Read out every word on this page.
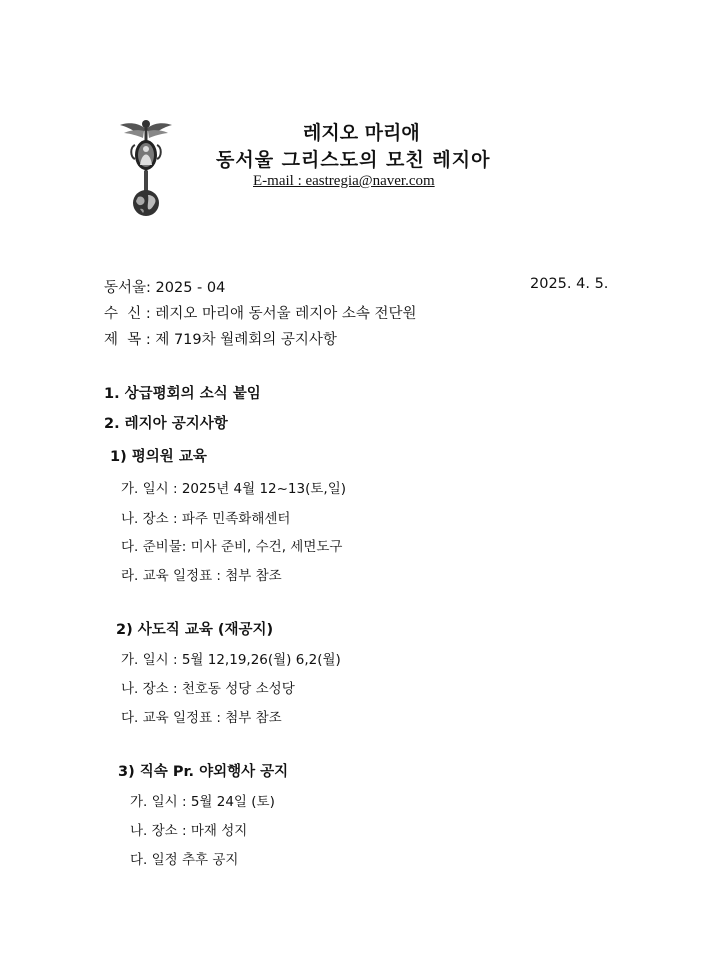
레지오 마리애
동서울 그리스도의 모친 레지아
E-mail : eastregia@naver.com
동서울: 2025 - 04	2025. 4. 5.
수  신 : 레지오 마리애 동서울 레지아 소속 전단원
제  목 : 제 719차 월례회의 공지사항
1. 상급평회의 소식 붙임
2. 레지아 공지사항
1) 평의원 교육
가. 일시 : 2025년 4월 12~13(토,일)
나. 장소 : 파주 민족화해센터
다. 준비물: 미사 준비, 수건, 세면도구
라. 교육 일정표 : 첨부 참조
2) 사도직 교육 (재공지)
가. 일시 : 5월 12,19,26(월) 6,2(월)
나. 장소 : 천호동 성당 소성당
다. 교육 일정표 : 첨부 참조
3) 직속 Pr. 야외행사 공지
가. 일시 : 5월 24일 (토)
나. 장소 : 마재 성지
다. 일정 추후 공지
